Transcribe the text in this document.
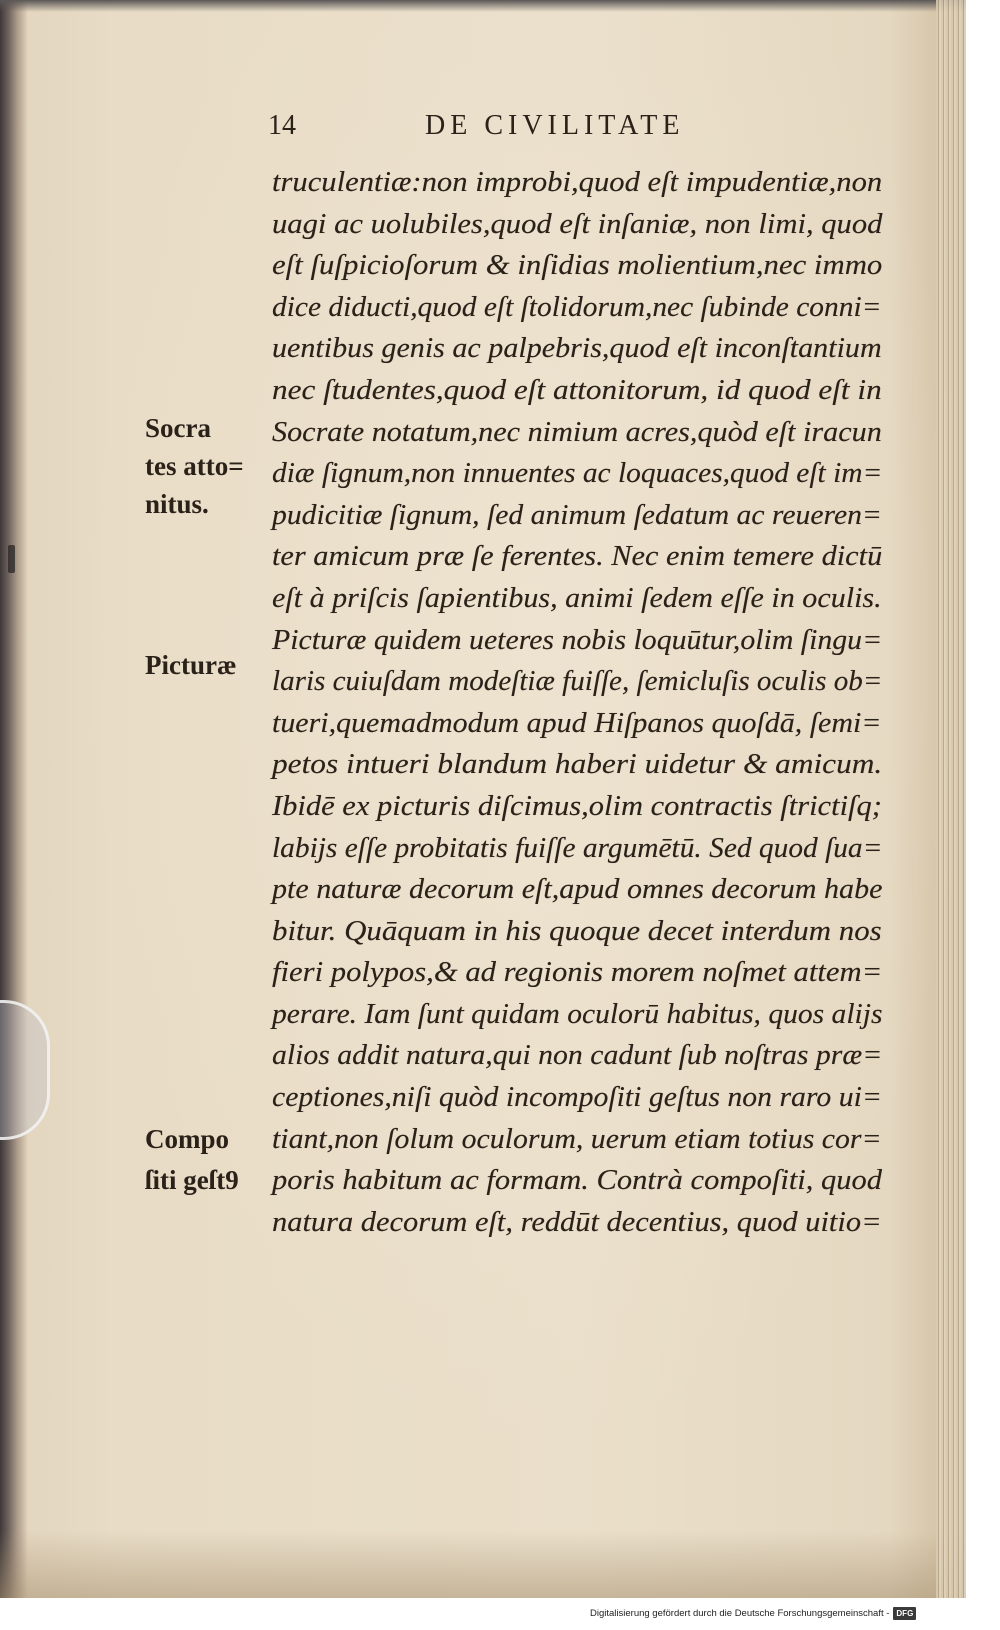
14	DE CIVILITATE
truculentiæ:non improbi,quod eſt impudentiæ,non
uagi ac uolubiles,quod eſt inſaniæ, non limi, quod
eſt ſuſpicioſorum & inſidias molientium,nec immo
dice diducti,quod eſt ſtolidorum,nec ſubinde conni=
uentibus genis ac palpebris,quod eſt inconſtantium
nec ſtudentes,quod eſt attonitorum, id quod eſt in
Socrate notatum,nec nimium acres,quòd eſt iracun
diæ ſignum,non innuentes ac loquaces,quod eſt im=
pudicitiæ ſignum, ſed animum ſedatum ac reueren=
ter amicum præ ſe ferentes. Nec enim temere dictū
eſt à priſcis ſapientibus, animi ſedem eſſe in oculis.
Picturæ quidem ueteres nobis loquūtur,olim ſingu=
laris cuiuſdam modeſtiæ fuiſſe, ſemicluſis oculis ob=
tueri,quemadmodum apud Hiſpanos quoſdā, ſemi=
petos intueri blandum haberi uidetur & amicum.
Ibidē ex picturis diſcimus,olim contractis ſtrictiſq;
labijs eſſe probitatis fuiſſe argumētū. Sed quod ſua=
pte naturæ decorum eſt,apud omnes decorum habe
bitur. Quāquam in his quoque decet interdum nos
fieri polypos,& ad regionis morem noſmet attem=
perare. Iam ſunt quidam oculorū habitus, quos alijs
alios addit natura,qui non cadunt ſub noſtras præ=
ceptiones,niſi quòd incompoſiti geſtus non raro ui=
tiant,non ſolum oculorum, uerum etiam totius cor=
poris habitum ac formam. Contrà compoſiti, quod
natura decorum eſt, reddūt decentius, quod uitio=
Socra
tes atto=
nitus.
Picturæ
Compo
ſiti geſt9
Digitalisierung gefördert durch die Deutsche Forschungsgemeinschaft - DFG
